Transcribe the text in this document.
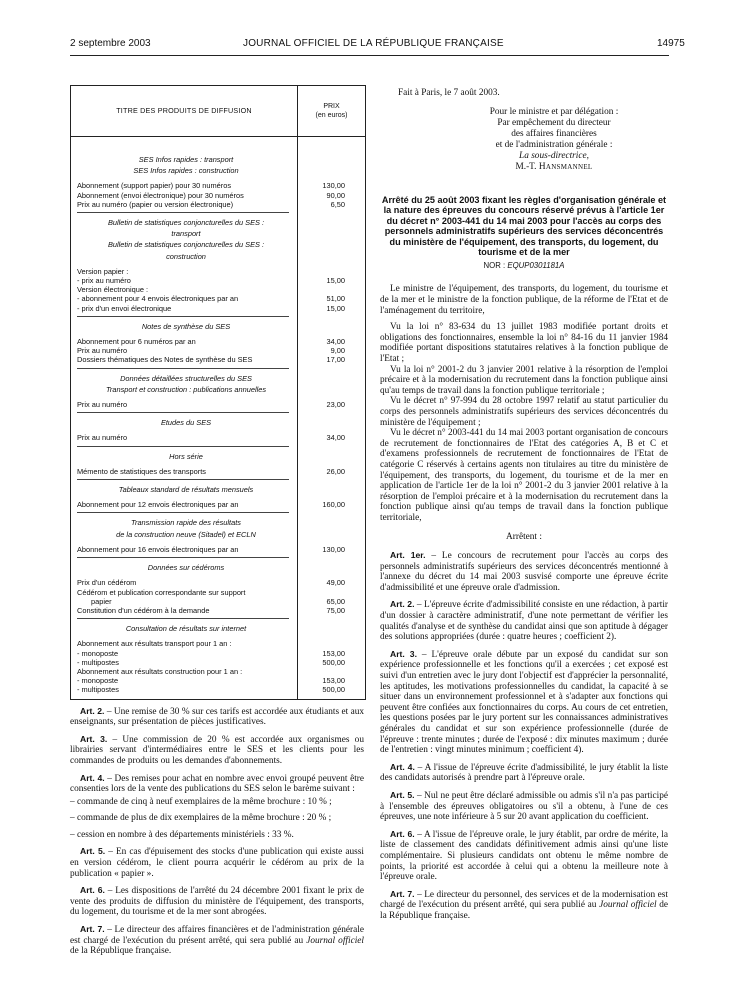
2 septembre 2003	JOURNAL OFFICIEL DE LA RÉPUBLIQUE FRANÇAISE	14975
TITRE DES PRODUITS DE DIFFUSION
PRIX
(en euros)
SES Infos rapides : transport
SES Infos rapides : construction
Abonnement (support papier) pour 30 numéros	130,00
Abonnement (envoi électronique) pour 30 numéros	90,00
Prix au numéro (papier ou version électronique)	6,50
Bulletin de statistiques conjoncturelles du SES :
transport
Bulletin de statistiques conjoncturelles du SES :
construction
Version papier :
- prix au numéro	15,00
Version électronique :
- abonnement pour 4 envois électroniques par an	51,00
- prix d'un envoi électronique	15,00
Notes de synthèse du SES
Abonnement pour 6 numéros par an	34,00
Prix au numéro	9,00
Dossiers thématiques des Notes de synthèse du SES	17,00
Données détaillées structurelles du SES
Transport et construction : publications annuelles
Prix au numéro	23,00
Etudes du SES
Prix au numéro	34,00
Hors série
Mémento de statistiques des transports	26,00
Tableaux standard de résultats mensuels
Abonnement pour 12 envois électroniques par an	160,00
Transmission rapide des résultats
de la construction neuve (Sitadel) et ECLN
Abonnement pour 16 envois électroniques par an	130,00
Données sur cédéroms
Prix d'un cédérom	49,00
Cédérom et publication correspondante sur support
papier	65,00
Constitution d'un cédérom à la demande	75,00
Consultation de résultats sur internet
Abonnement aux résultats transport pour 1 an :
- monoposte	153,00
- multipostes	500,00
Abonnement aux résultats construction pour 1 an :
- monoposte	153,00
- multipostes	500,00

Art. 2. – Une remise de 30 % sur ces tarifs est accordée aux étudiants et aux enseignants, sur présentation de pièces justificatives.

Art. 3. – Une commission de 20 % est accordée aux organismes ou librairies servant d'intermédiaires entre le SES et les clients pour les commandes de produits ou les demandes d'abonnements.

Art. 4. – Des remises pour achat en nombre avec envoi groupé peuvent être consenties lors de la vente des publications du SES selon le barème suivant :

– commande de cinq à neuf exemplaires de la même brochure : 10 % ;

– commande de plus de dix exemplaires de la même brochure : 20 % ;

– cession en nombre à des départements ministériels : 33 %.

Art. 5. – En cas d'épuisement des stocks d'une publication qui existe aussi en version cédérom, le client pourra acquérir le cédérom au prix de la publication « papier ».

Art. 6. – Les dispositions de l'arrêté du 24 décembre 2001 fixant le prix de vente des produits de diffusion du ministère de l'équipement, des transports, du logement, du tourisme et de la mer sont abrogées.

Art. 7. – Le directeur des affaires financières et de l'administration générale est chargé de l'exécution du présent arrêté, qui sera publié au Journal officiel de la République française.

Fait à Paris, le 7 août 2003.
Pour le ministre et par délégation :
Par empêchement du directeur
des affaires financières
et de l'administration générale :
La sous-directrice,
M.-T. Hansmannel
Arrêté du 25 août 2003 fixant les règles d'organisation générale et la nature des épreuves du concours réservé prévus à l'article 1er du décret n° 2003-441 du 14 mai 2003 pour l'accès au corps des personnels administratifs supérieurs des services déconcentrés du ministère de l'équipement, des transports, du logement, du tourisme et de la mer
NOR : EQUP0301181A

Le ministre de l'équipement, des transports, du logement, du tourisme et de la mer et le ministre de la fonction publique, de la réforme de l'Etat et de l'aménagement du territoire,

Vu la loi n° 83-634 du 13 juillet 1983 modifiée portant droits et obligations des fonctionnaires, ensemble la loi n° 84-16 du 11 janvier 1984 modifiée portant dispositions statutaires relatives à la fonction publique de l'Etat ;

Vu la loi n° 2001-2 du 3 janvier 2001 relative à la résorption de l'emploi précaire et à la modernisation du recrutement dans la fonction publique ainsi qu'au temps de travail dans la fonction publique territoriale ;

Vu le décret n° 97-994 du 28 octobre 1997 relatif au statut particulier du corps des personnels administratifs supérieurs des services déconcentrés du ministère de l'équipement ;

Vu le décret n° 2003-441 du 14 mai 2003 portant organisation de concours de recrutement de fonctionnaires de l'Etat des catégories A, B et C et d'examens professionnels de recrutement de fonctionnaires de l'Etat de catégorie C réservés à certains agents non titulaires au titre du ministère de l'équipement, des transports, du logement, du tourisme et de la mer en application de l'article 1er de la loi n° 2001-2 du 3 janvier 2001 relative à la résorption de l'emploi précaire et à la modernisation du recrutement dans la fonction publique ainsi qu'au temps de travail dans la fonction publique territoriale,

Arrêtent :

Art. 1er. – Le concours de recrutement pour l'accès au corps des personnels administratifs supérieurs des services déconcentrés mentionné à l'annexe du décret du 14 mai 2003 susvisé comporte une épreuve écrite d'admissibilité et une épreuve orale d'admission.

Art. 2. – L'épreuve écrite d'admissibilité consiste en une rédaction, à partir d'un dossier à caractère administratif, d'une note permettant de vérifier les qualités d'analyse et de synthèse du candidat ainsi que son aptitude à dégager des solutions appropriées (durée : quatre heures ; coefficient 2).

Art. 3. – L'épreuve orale débute par un exposé du candidat sur son expérience professionnelle et les fonctions qu'il a exercées ; cet exposé est suivi d'un entretien avec le jury dont l'objectif est d'apprécier la personnalité, les aptitudes, les motivations professionnelles du candidat, la capacité à se situer dans un environnement professionnel et à s'adapter aux fonctions qui peuvent être confiées aux fonctionnaires du corps. Au cours de cet entretien, les questions posées par le jury portent sur les connaissances administratives générales du candidat et sur son expérience professionnelle (durée de l'épreuve : trente minutes ; durée de l'exposé : dix minutes maximum ; durée de l'entretien : vingt minutes minimum ; coefficient 4).

Art. 4. – A l'issue de l'épreuve écrite d'admissibilité, le jury établit la liste des candidats autorisés à prendre part à l'épreuve orale.

Art. 5. – Nul ne peut être déclaré admissible ou admis s'il n'a pas participé à l'ensemble des épreuves obligatoires ou s'il a obtenu, à l'une de ces épreuves, une note inférieure à 5 sur 20 avant application du coefficient.

Art. 6. – A l'issue de l'épreuve orale, le jury établit, par ordre de mérite, la liste de classement des candidats définitivement admis ainsi qu'une liste complémentaire. Si plusieurs candidats ont obtenu le même nombre de points, la priorité est accordée à celui qui a obtenu la meilleure note à l'épreuve orale.

Art. 7. – Le directeur du personnel, des services et de la modernisation est chargé de l'exécution du présent arrêté, qui sera publié au Journal officiel de la République française.
